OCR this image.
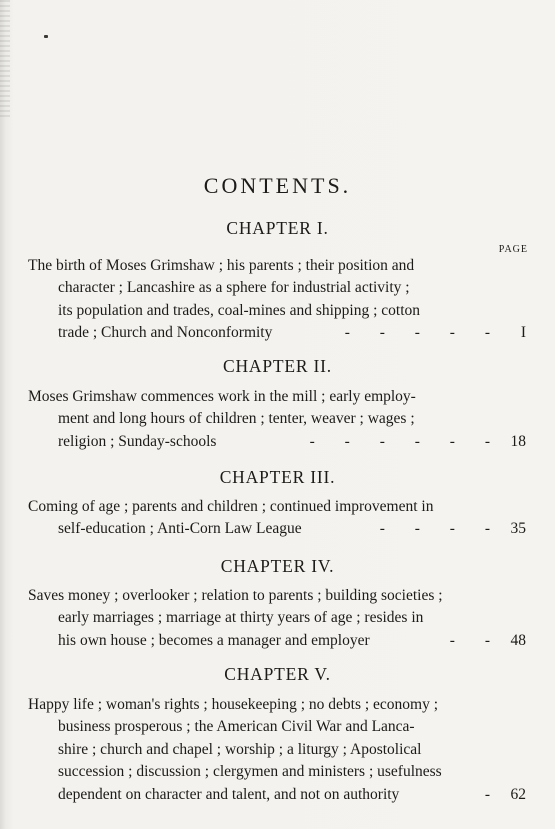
CONTENTS.
CHAPTER I.
PAGE
The birth of Moses Grimshaw ; his parents ; their position and
character ; Lancashire as a sphere for industrial activity ;
its population and trades, coal-mines and shipping ; cotton
trade ; Church and Nonconformity	- - - - - I
CHAPTER II.
Moses Grimshaw commences work in the mill ; early employ-
ment and long hours of children ; tenter, weaver ; wages ;
religion ; Sunday-schools	- - - - - - 18
CHAPTER III.
Coming of age ; parents and children ; continued improvement in
self-education ; Anti-Corn Law League	- - - - 35
CHAPTER IV.
Saves money ; overlooker ; relation to parents ; building societies ;
early marriages ; marriage at thirty years of age ; resides in
his own house ; becomes a manager and employer	- - 48
CHAPTER V.
Happy life ; woman's rights ; housekeeping ; no debts ; economy ;
business prosperous ; the American Civil War and Lanca-
shire ; church and chapel ; worship ; a liturgy ; Apostolical
succession ; discussion ; clergymen and ministers ; usefulness
dependent on character and talent, and not on authority	- 62
